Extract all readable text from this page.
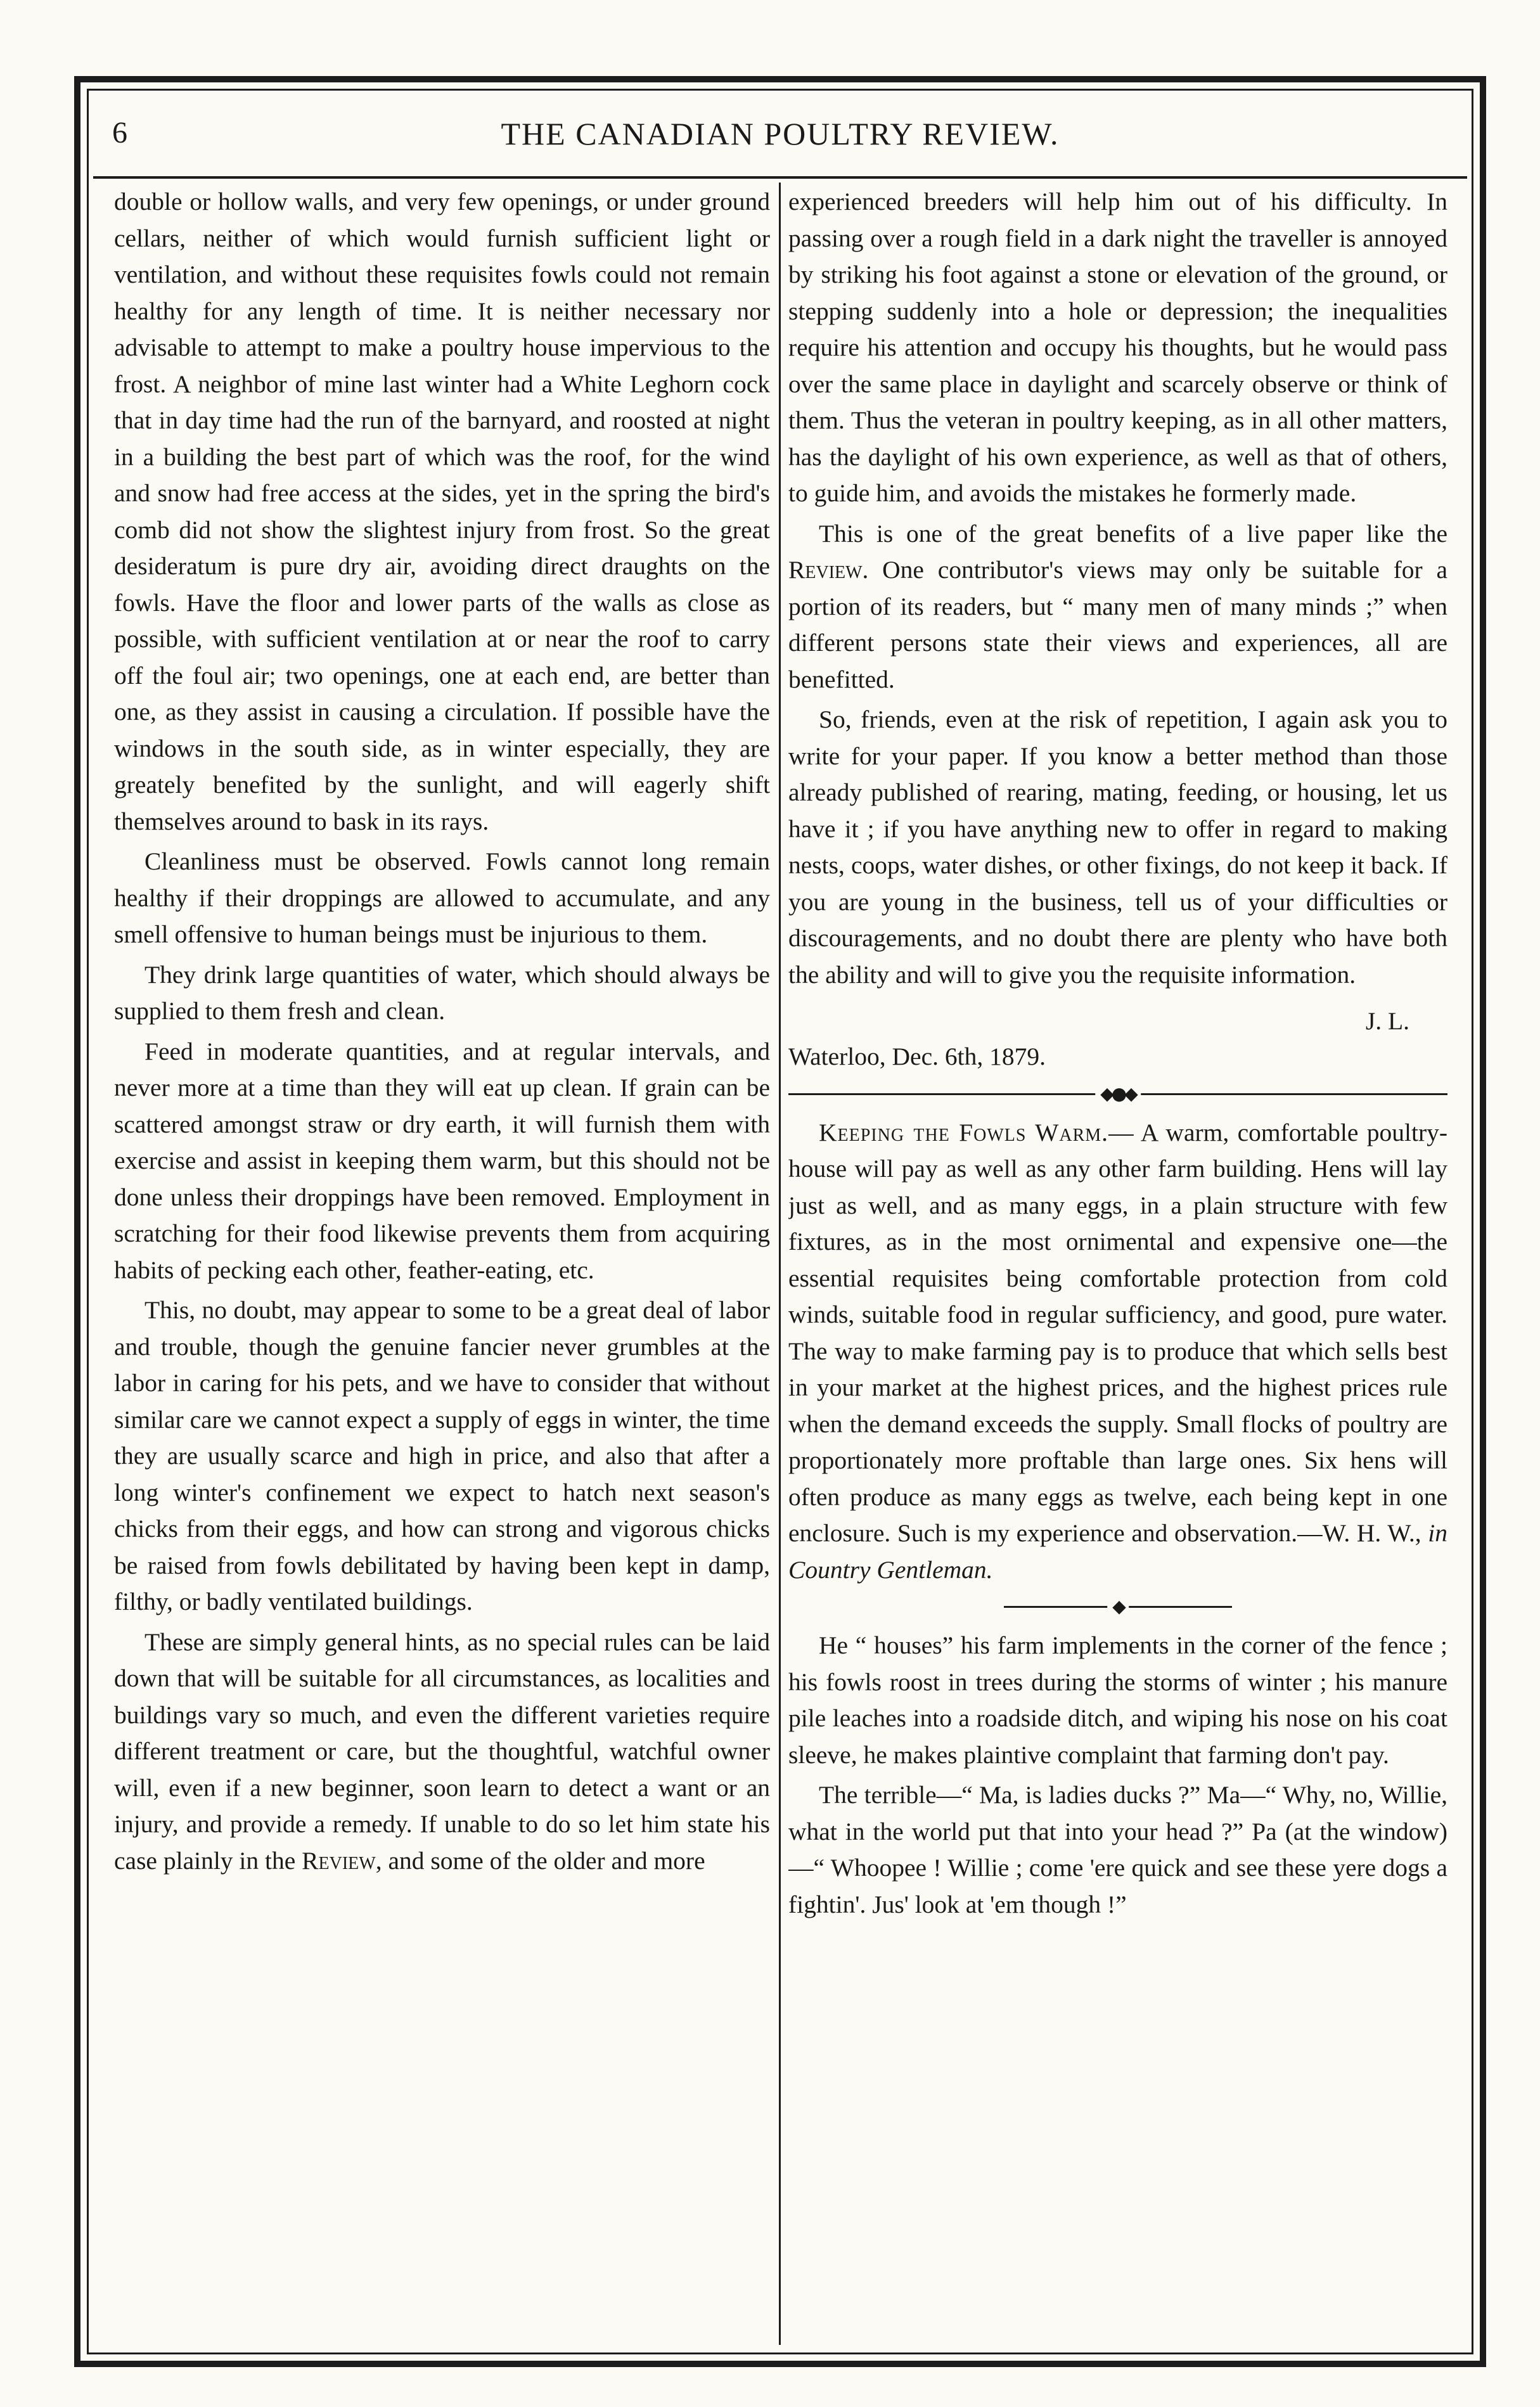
6	THE CANADIAN POULTRY REVIEW.

double or hollow walls, and very few openings, or under ground cellars, neither of which would furnish sufficient light or ventilation, and without these requisites fowls could not remain healthy for any length of time. It is neither necessary nor advisable to attempt to make a poultry house impervious to the frost. A neighbor of mine last winter had a White Leghorn cock that in day time had the run of the barnyard, and roosted at night in a building the best part of which was the roof, for the wind and snow had free access at the sides, yet in the spring the bird's comb did not show the slightest injury from frost. So the great desideratum is pure dry air, avoiding direct draughts on the fowls. Have the floor and lower parts of the walls as close as possible, with sufficient ventilation at or near the roof to carry off the foul air; two openings, one at each end, are better than one, as they assist in causing a circulation. If possible have the windows in the south side, as in winter especially, they are greately benefited by the sunlight, and will eagerly shift themselves around to bask in its rays.

Cleanliness must be observed. Fowls cannot long remain healthy if their droppings are allowed to accumulate, and any smell offensive to human beings must be injurious to them.

They drink large quantities of water, which should always be supplied to them fresh and clean.

Feed in moderate quantities, and at regular intervals, and never more at a time than they will eat up clean. If grain can be scattered amongst straw or dry earth, it will furnish them with exercise and assist in keeping them warm, but this should not be done unless their droppings have been removed. Employment in scratching for their food likewise prevents them from acquiring habits of pecking each other, feather-eating, etc.

This, no doubt, may appear to some to be a great deal of labor and trouble, though the genuine fancier never grumbles at the labor in caring for his pets, and we have to consider that without similar care we cannot expect a supply of eggs in winter, the time they are usually scarce and high in price, and also that after a long winter's confinement we expect to hatch next season's chicks from their eggs, and how can strong and vigorous chicks be raised from fowls debilitated by having been kept in damp, filthy, or badly ventilated buildings.

These are simply general hints, as no special rules can be laid down that will be suitable for all circumstances, as localities and buildings vary so much, and even the different varieties require different treatment or care, but the thoughtful, watchful owner will, even if a new beginner, soon learn to detect a want or an injury, and provide a remedy. If unable to do so let him state his case plainly in the Review, and some of the older and more

experienced breeders will help him out of his difficulty. In passing over a rough field in a dark night the traveller is annoyed by striking his foot against a stone or elevation of the ground, or stepping suddenly into a hole or depression; the inequalities require his attention and occupy his thoughts, but he would pass over the same place in daylight and scarcely observe or think of them. Thus the veteran in poultry keeping, as in all other matters, has the daylight of his own experience, as well as that of others, to guide him, and avoids the mistakes he formerly made.

This is one of the great benefits of a live paper like the Review. One contributor's views may only be suitable for a portion of its readers, but “ many men of many minds ;” when different persons state their views and experiences, all are benefitted.

So, friends, even at the risk of repetition, I again ask you to write for your paper. If you know a better method than those already published of rearing, mating, feeding, or housing, let us have it ; if you have anything new to offer in regard to making nests, coops, water dishes, or other fixings, do not keep it back. If you are young in the business, tell us of your difficulties or discouragements, and no doubt there are plenty who have both the ability and will to give you the requisite information.

J. L.

Waterloo, Dec. 6th, 1879.

◆●◆

Keeping the Fowls Warm.— A warm, comfortable poultry-house will pay as well as any other farm building. Hens will lay just as well, and as many eggs, in a plain structure with few fixtures, as in the most ornimental and expensive one—the essential requisites being comfortable protection from cold winds, suitable food in regular sufficiency, and good, pure water. The way to make farming pay is to produce that which sells best in your market at the highest prices, and the highest prices rule when the demand exceeds the supply. Small flocks of poultry are proportionately more proftable than large ones. Six hens will often produce as many eggs as twelve, each being kept in one enclosure. Such is my experience and observation.—W. H. W., in Country Gentleman.

◆

He “ houses” his farm implements in the corner of the fence ; his fowls roost in trees during the storms of winter ; his manure pile leaches into a roadside ditch, and wiping his nose on his coat sleeve, he makes plaintive complaint that farming don't pay.

The terrible—“ Ma, is ladies ducks ?” Ma—“ Why, no, Willie, what in the world put that into your head ?” Pa (at the window)—“ Whoopee ! Willie ; come 'ere quick and see these yere dogs a fightin'. Jus' look at 'em though !”
